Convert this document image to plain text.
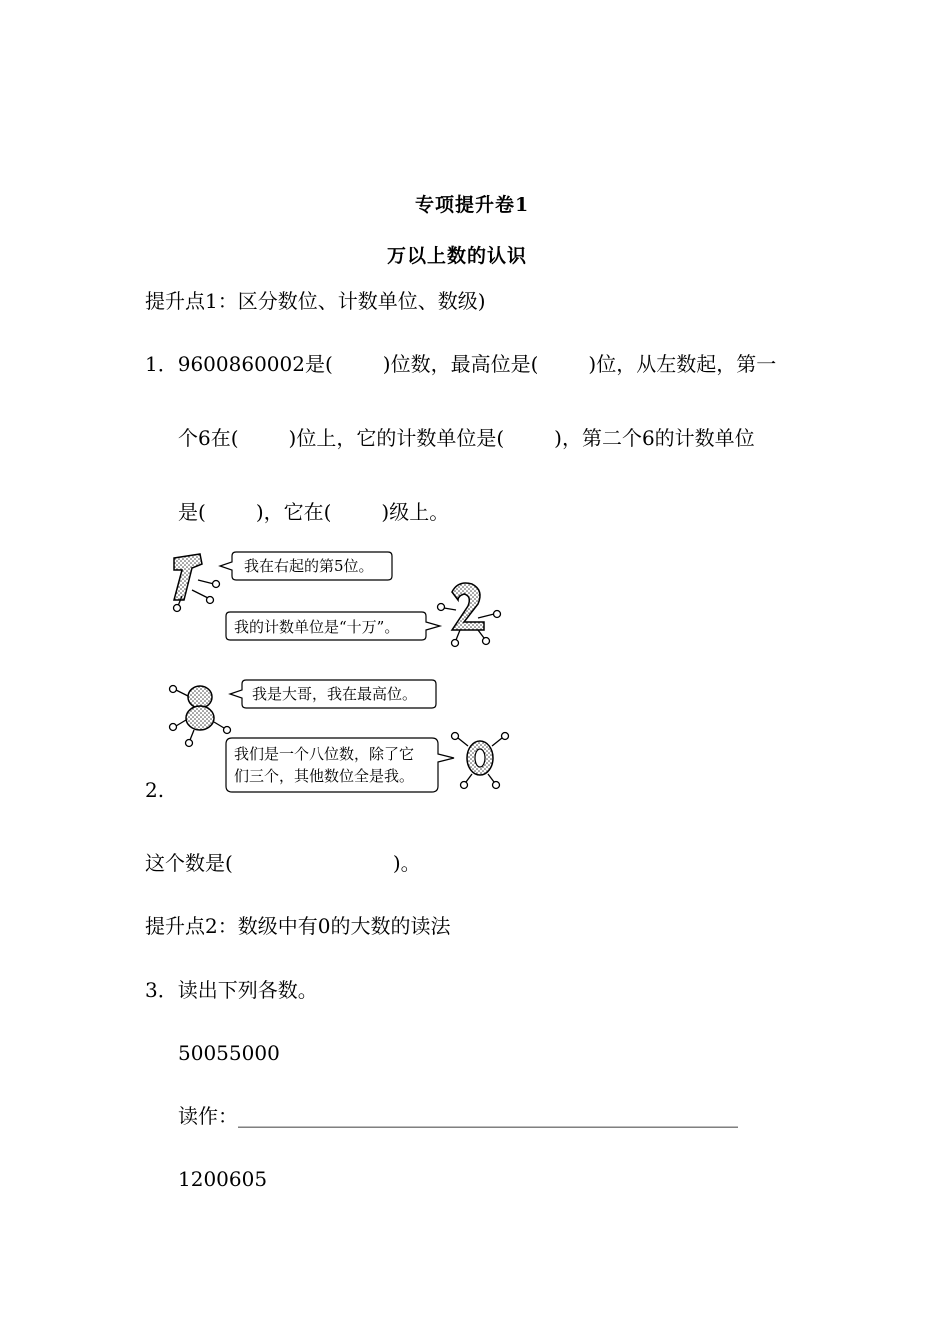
专项提升卷1
万以上数的认识
提升点1：区分数位、计数单位、数级)
1．9600860002是(	)位数，最高位是(	)位，从左数起，第一
个6在(	)位上，它的计数单位是(	)，第二个6的计数单位
是(	)，它在(	)级上。
我在右起的第5位。
我的计数单位是“十万”。
我是大哥，我在最高位。
我们是一个八位数，除了它
们三个，其他数位全是我。
2.
这个数是(	)。
提升点2：数级中有0的大数的读法
3．读出下列各数。
50055000
读作：__________________________________________________
1200605
